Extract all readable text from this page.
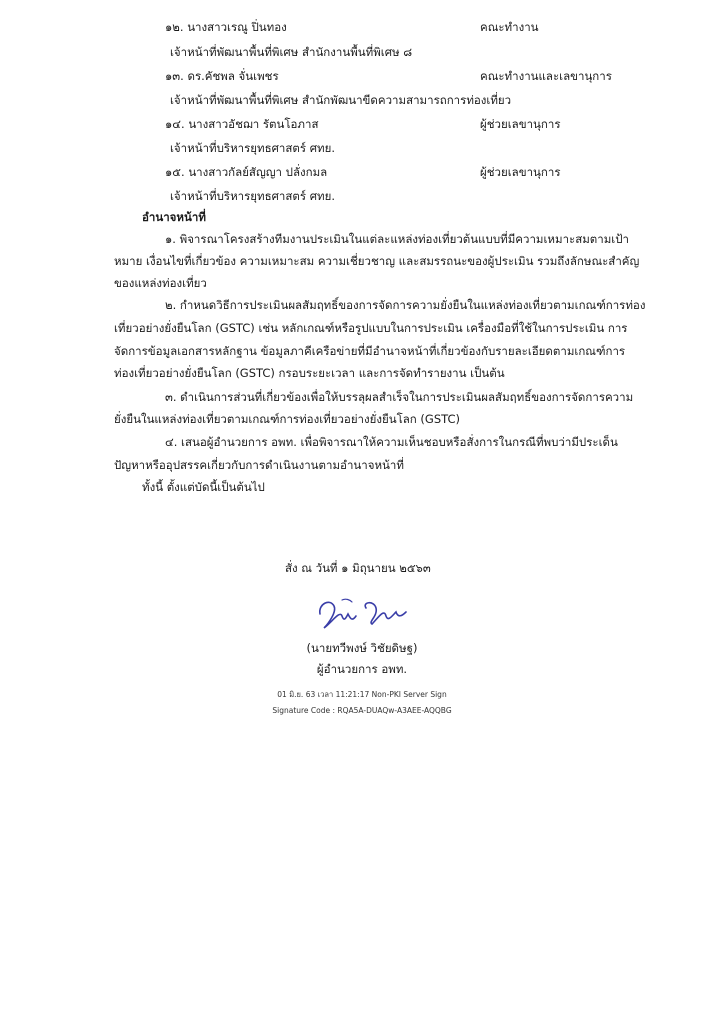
๑๒. นางสาวเรณู ปิ่นทอง	คณะทำงาน
เจ้าหน้าที่พัฒนาพื้นที่พิเศษ สำนักงานพื้นที่พิเศษ ๘
๑๓. ดร.คัชพล จั่นเพชร	คณะทำงานและเลขานุการ
เจ้าหน้าที่พัฒนาพื้นที่พิเศษ สำนักพัฒนาขีดความสามารถการท่องเที่ยว
๑๔. นางสาวอัชฌา รัตนโอภาส	ผู้ช่วยเลขานุการ
เจ้าหน้าที่บริหารยุทธศาสตร์ ศทย.
๑๕. นางสาวกัลย์สัญญา ปลั่งกมล	ผู้ช่วยเลขานุการ
เจ้าหน้าที่บริหารยุทธศาสตร์ ศทย.
อำนาจหน้าที่
๑. พิจารณาโครงสร้างทีมงานประเมินในแต่ละแหล่งท่องเที่ยวต้นแบบที่มีความเหมาะสมตามเป้า
หมาย เงื่อนไขที่เกี่ยวข้อง ความเหมาะสม ความเชี่ยวชาญ และสมรรถนะของผู้ประเมิน รวมถึงลักษณะสำคัญ
ของแหล่งท่องเที่ยว
๒. กำหนดวิธีการประเมินผลสัมฤทธิ์ของการจัดการความยั่งยืนในแหล่งท่องเที่ยวตามเกณฑ์การท่อง
เที่ยวอย่างยั่งยืนโลก (GSTC) เช่น หลักเกณฑ์หรือรูปแบบในการประเมิน เครื่องมือที่ใช้ในการประเมิน การ
จัดการข้อมูลเอกสารหลักฐาน ข้อมูลภาคีเครือข่ายที่มีอำนาจหน้าที่เกี่ยวข้องกับรายละเอียดตามเกณฑ์การ
ท่องเที่ยวอย่างยั่งยืนโลก (GSTC) กรอบระยะเวลา และการจัดทำรายงาน เป็นต้น
๓. ดำเนินการส่วนที่เกี่ยวข้องเพื่อให้บรรลุผลสำเร็จในการประเมินผลสัมฤทธิ์ของการจัดการความ
ยั่งยืนในแหล่งท่องเที่ยวตามเกณฑ์การท่องเที่ยวอย่างยั่งยืนโลก (GSTC)
๔. เสนอผู้อำนวยการ อพท. เพื่อพิจารณาให้ความเห็นชอบหรือสั่งการในกรณีที่พบว่ามีประเด็น
ปัญหาหรืออุปสรรคเกี่ยวกับการดำเนินงานตามอำนาจหน้าที่
ทั้งนี้ ตั้งแต่บัดนี้เป็นต้นไป
สั่ง ณ วันที่ ๑ มิถุนายน ๒๕๖๓
(นายทวีพงษ์ วิชัยดิษฐ)
ผู้อำนวยการ อพท.
01 มิ.ย. 63 เวลา 11:21:17 Non-PKI Server Sign
Signature Code : RQA5A-DUAQw-A3AEE-AQQBG
